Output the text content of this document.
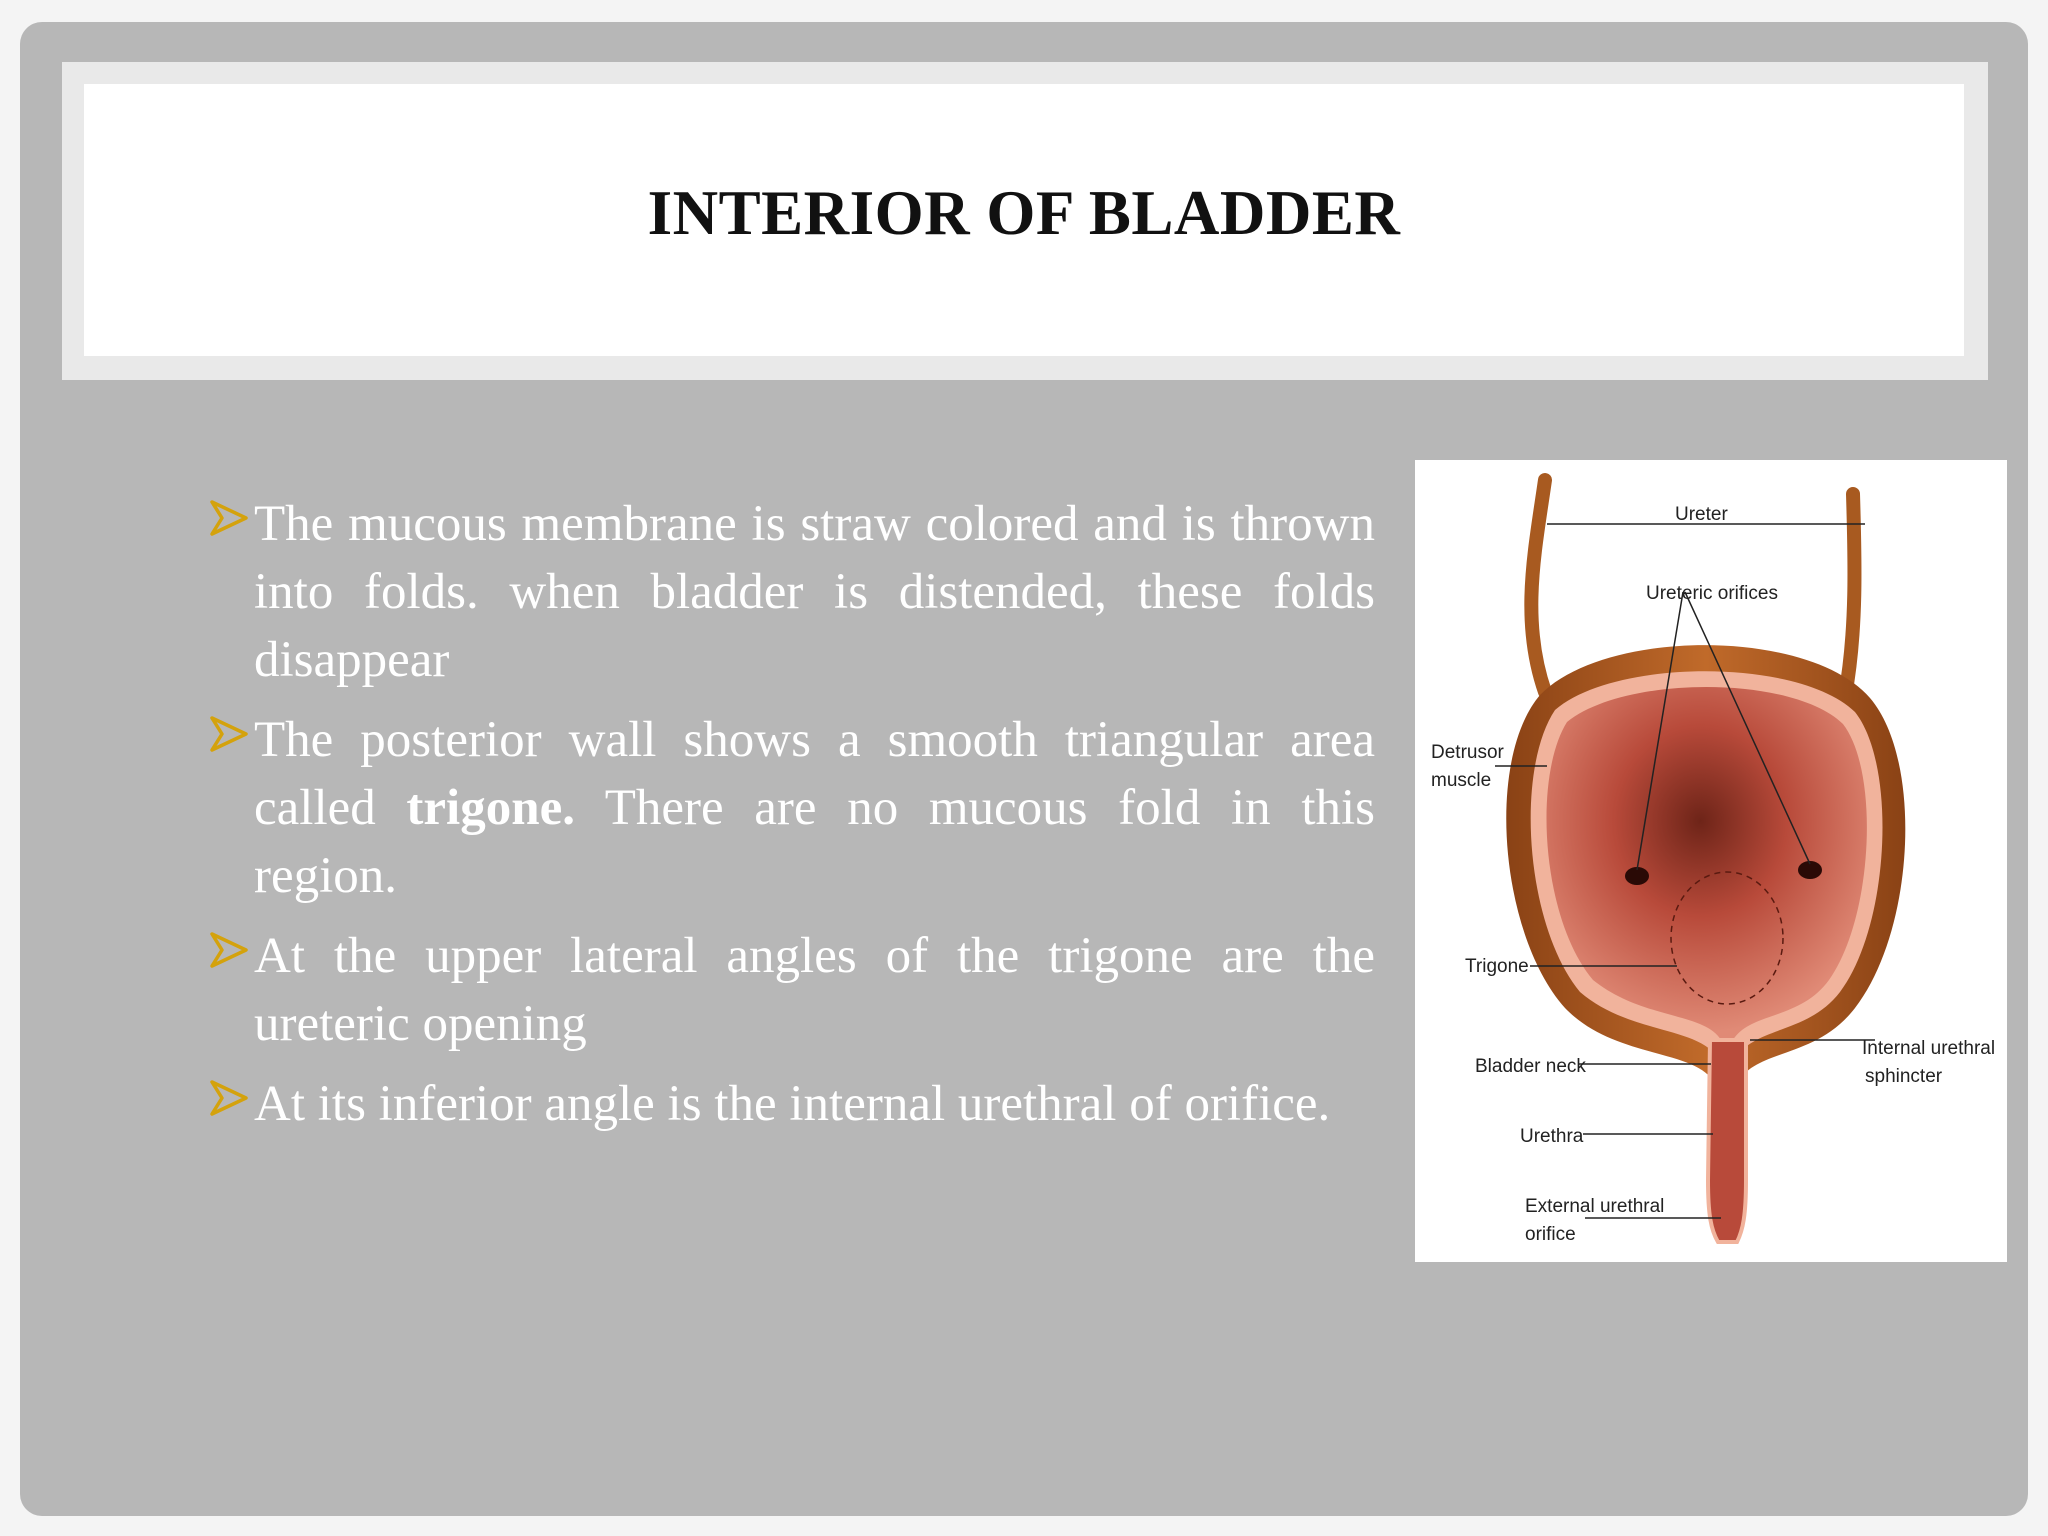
INTERIOR OF BLADDER
The mucous membrane is straw colored and is thrown into folds. when bladder is distended, these folds disappear
The posterior wall shows a smooth triangular area called trigone. There are no mucous fold in this region.
At the upper lateral angles of the trigone are the ureteric opening
At its inferior angle is the internal urethral of orifice.
Ureter
Ureteric orifices
Detrusor
muscle
Trigone
Internal urethral
sphincter
Bladder neck
Urethra
External urethral
orifice
